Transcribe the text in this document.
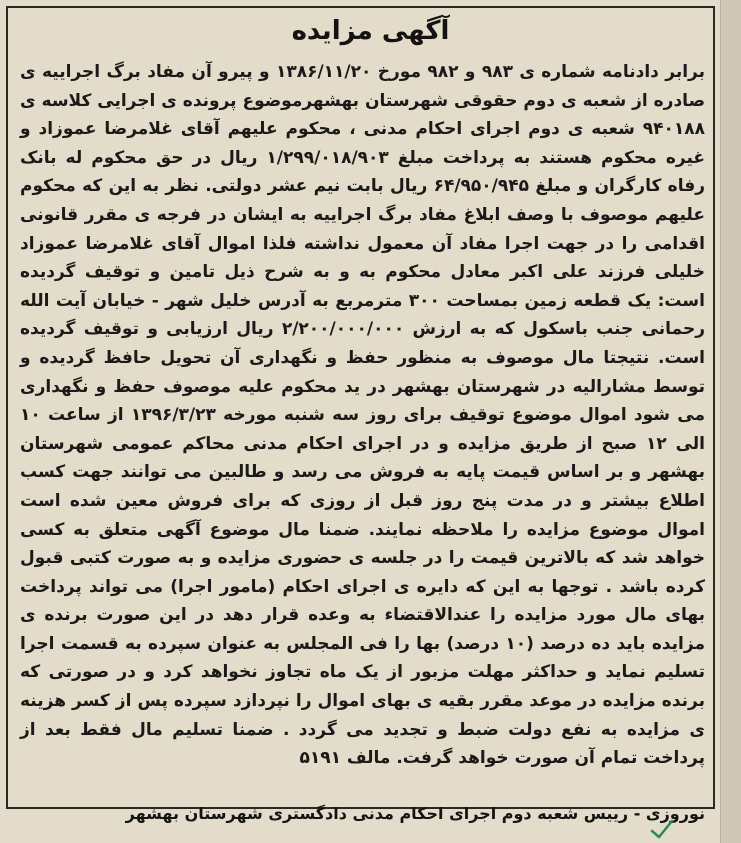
آگهی مزایده
برابر دادنامه شماره ی ۹۸۳ و ۹۸۲ مورخ ۱۳۸۶/۱۱/۲۰ و پیرو آن مفاد برگ اجراییه ی صادره از شعبه ی دوم حقوقی شهرستان بهشهرموضوع پرونده ی اجرایی کلاسه ی ۹۴۰۱۸۸ شعبه ی دوم اجرای احکام مدنی ، محکوم علیهم آقای غلامرضا عموزاد و غیره محکوم هستند به پرداخت مبلغ ۱/۲۹۹/۰۱۸/۹۰۳ ریال در حق محکوم له بانک رفاه کارگران و مبلغ ۶۴/۹۵۰/۹۴۵ ریال بابت نیم عشر دولتی. نظر به این که محکوم علیهم موصوف با وصف ابلاغ مفاد برگ اجراییه به ایشان در فرجه ی مقرر قانونی اقدامی را در جهت اجرا مفاد آن معمول نداشته فلذا اموال آقای غلامرضا عموزاد خلیلی فرزند علی اکبر معادل محکوم به و به شرح ذیل تامین و توقیف گردیده است: یک قطعه زمین بمساحت ۳۰۰ مترمربع به آدرس خلیل شهر - خیابان آیت الله رحمانی جنب باسکول که به ارزش ۲/۲۰۰/۰۰۰/۰۰۰ ریال ارزیابی و توقیف گردیده است. نتیجتا مال موصوف به منظور حفظ و نگهداری آن تحویل حافظ گردیده و توسط مشارالیه در شهرستان بهشهر در ید محکوم علیه موصوف حفظ و نگهداری می شود اموال موضوع توقیف برای روز سه شنبه مورخه ۱۳۹۶/۳/۲۳ از ساعت ۱۰ الی ۱۲ صبح از طریق مزایده و در اجرای احکام مدنی محاکم عمومی شهرستان بهشهر و بر اساس قیمت پایه به فروش می رسد و طالبین می توانند جهت کسب اطلاع بیشتر و در مدت پنج روز قبل از روزی که برای فروش معین شده است اموال موضوع مزایده را ملاحظه نمایند. ضمنا مال موضوع آگهی متعلق به کسی خواهد شد که بالاترین قیمت را در جلسه ی حضوری مزایده و به صورت کتبی قبول کرده باشد . توجها به این که دایره ی اجرای احکام (مامور اجرا) می تواند پرداخت بهای مال مورد مزایده را عندالاقتضاء به وعده قرار دهد در این صورت برنده ی مزایده باید ده درصد (۱۰ درصد) بها را فی المجلس به عنوان سپرده به قسمت اجرا تسلیم نماید و حداکثر مهلت مزبور از یک ماه تجاوز نخواهد کرد و در صورتی که برنده مزایده در موعد مقرر بقیه ی بهای اموال را نپردازد سپرده پس از کسر هزینه ی مزایده به نفع دولت ضبط و تجدید می گردد . ضمنا تسلیم مال فقط بعد از پرداخت تمام آن صورت خواهد گرفت. مالف ۵۱۹۱
نوروزی - رییس شعبه دوم اجرای احکام مدنی دادگستری شهرستان بهشهر
